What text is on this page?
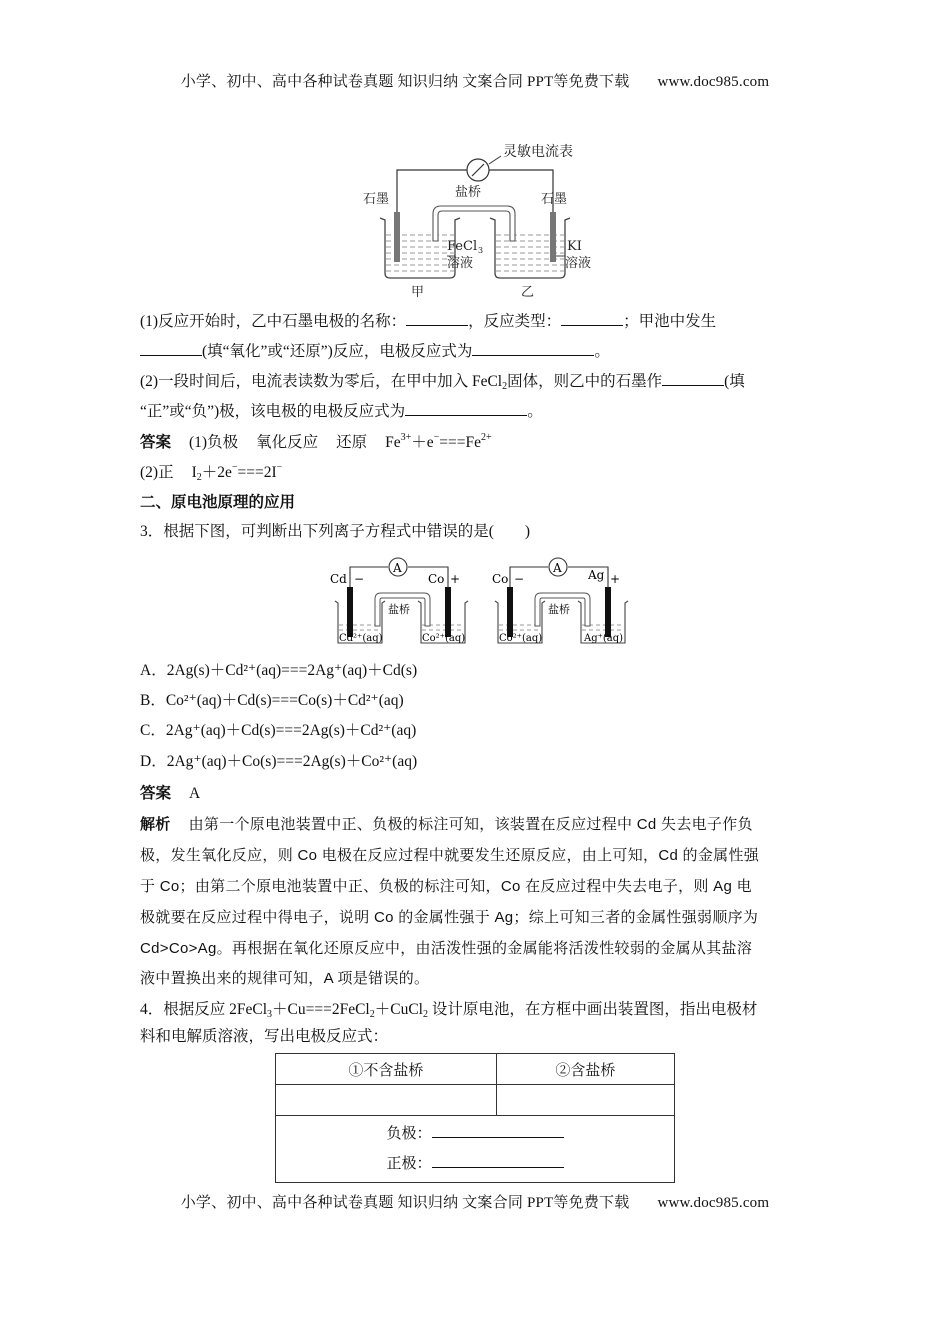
小学、初中、高中各种试卷真题 知识归纳 文案合同 PPT等免费下载 www.doc985.com
灵敏电流表
石墨	石墨
盐桥
FeCl 3
溶液
KI
溶液
甲	乙
(1)反应开始时，乙中石墨电极的名称：	，反应类型：	；甲池中发生
(填“氧化”或“还原”)反应，电极反应式为	。
(2)一段时间后，电流表读数为零后，在甲中加入 FeCl$_2$固体，则乙中的石墨作	(填
“正”或“负”)极，该电极的电极反应式为	。
答案 (1)负极 氧化反应 还原 $Fe^{3+}+e^-===Fe^{2+}$
(2)正 $I_2+2e^-===2I^-$
二、原电池原理的应用
3．根据下图，可判断出下列离子方程式中错误的是(　　)
A
Cd −	Co +
盐桥
Cd²⁺(aq)	Co²⁺(aq)
A
Co −	Ag +
盐桥
Co²⁺(aq)	Ag⁺(aq)
A．2Ag(s)＋Cd²⁺(aq)===2Ag⁺(aq)＋Cd(s)
B．Co²⁺(aq)＋Cd(s)===Co(s)＋Cd²⁺(aq)
C．2Ag⁺(aq)＋Cd(s)===2Ag(s)＋Cd²⁺(aq)
D．2Ag⁺(aq)＋Co(s)===2Ag(s)＋Co²⁺(aq)
答案 A
解析 由第一个原电池装置中正、负极的标注可知，该装置在反应过程中 Cd 失去电子作负
极，发生氧化反应，则 Co 电极在反应过程中就要发生还原反应，由上可知，Cd 的金属性强
于 Co；由第二个原电池装置中正、负极的标注可知，Co 在反应过程中失去电子，则 Ag 电
极就要在反应过程中得电子，说明 Co 的金属性强于 Ag；综上可知三者的金属性强弱顺序为
Cd>Co>Ag。再根据在氧化还原反应中，由活泼性强的金属能将活泼性较弱的金属从其盐溶
液中置换出来的规律可知，A 项是错误的。
4．根据反应 2FeCl$_3$＋Cu===2FeCl$_2$＋CuCl$_2$ 设计原电池，在方框中画出装置图，指出电极材
料和电解质溶液，写出电极反应式：
①不含盐桥	②含盐桥

负极：
正极：	
小学、初中、高中各种试卷真题 知识归纳 文案合同 PPT等免费下载 www.doc985.com
